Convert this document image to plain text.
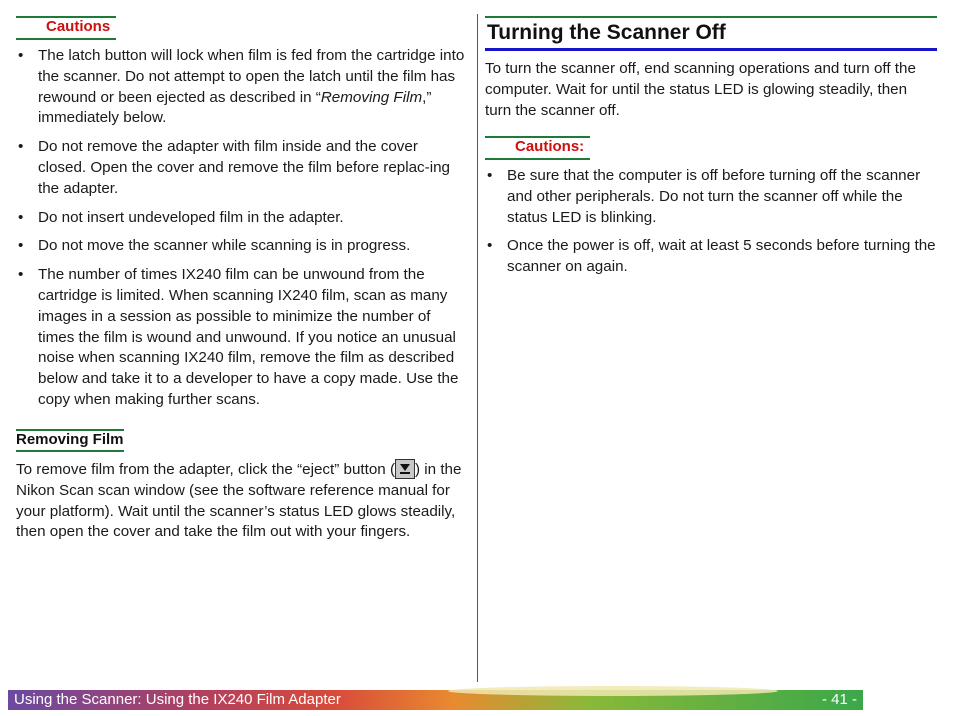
Cautions
• The latch button will lock when film is fed from the cartridge into the scanner. Do not attempt to open the latch until the film has rewound or been ejected as described in “Removing Film,” immediately below.
• Do not remove the adapter with film inside and the cover closed. Open the cover and remove the film before replac-ing the adapter.
• Do not insert undeveloped film in the adapter.
• Do not move the scanner while scanning is in progress.
• The number of times IX240 film can be unwound from the cartridge is limited. When scanning IX240 film, scan as many images in a session as possible to minimize the number of times the film is wound and unwound. If you notice an unusual noise when scanning IX240 film, remove the film as described below and take it to a developer to have a copy made. Use the copy when making further scans.
Removing Film

To remove film from the adapter, click the “eject” button ( ) in the Nikon Scan scan window (see the software reference manual for your platform). Wait until the scanner’s status LED glows steadily, then open the cover and take the film out with your fingers.

Turning the Scanner Off

To turn the scanner off, end scanning operations and turn off the computer. Wait for until the status LED is glowing steadily, then turn the scanner off.

Cautions:
• Be sure that the computer is off before turning off the scanner and other peripherals. Do not turn the scanner off while the status LED is blinking.
• Once the power is off, wait at least 5 seconds before turning the scanner on again.
Using the Scanner: Using the IX240 Film Adapter	- 41 -
